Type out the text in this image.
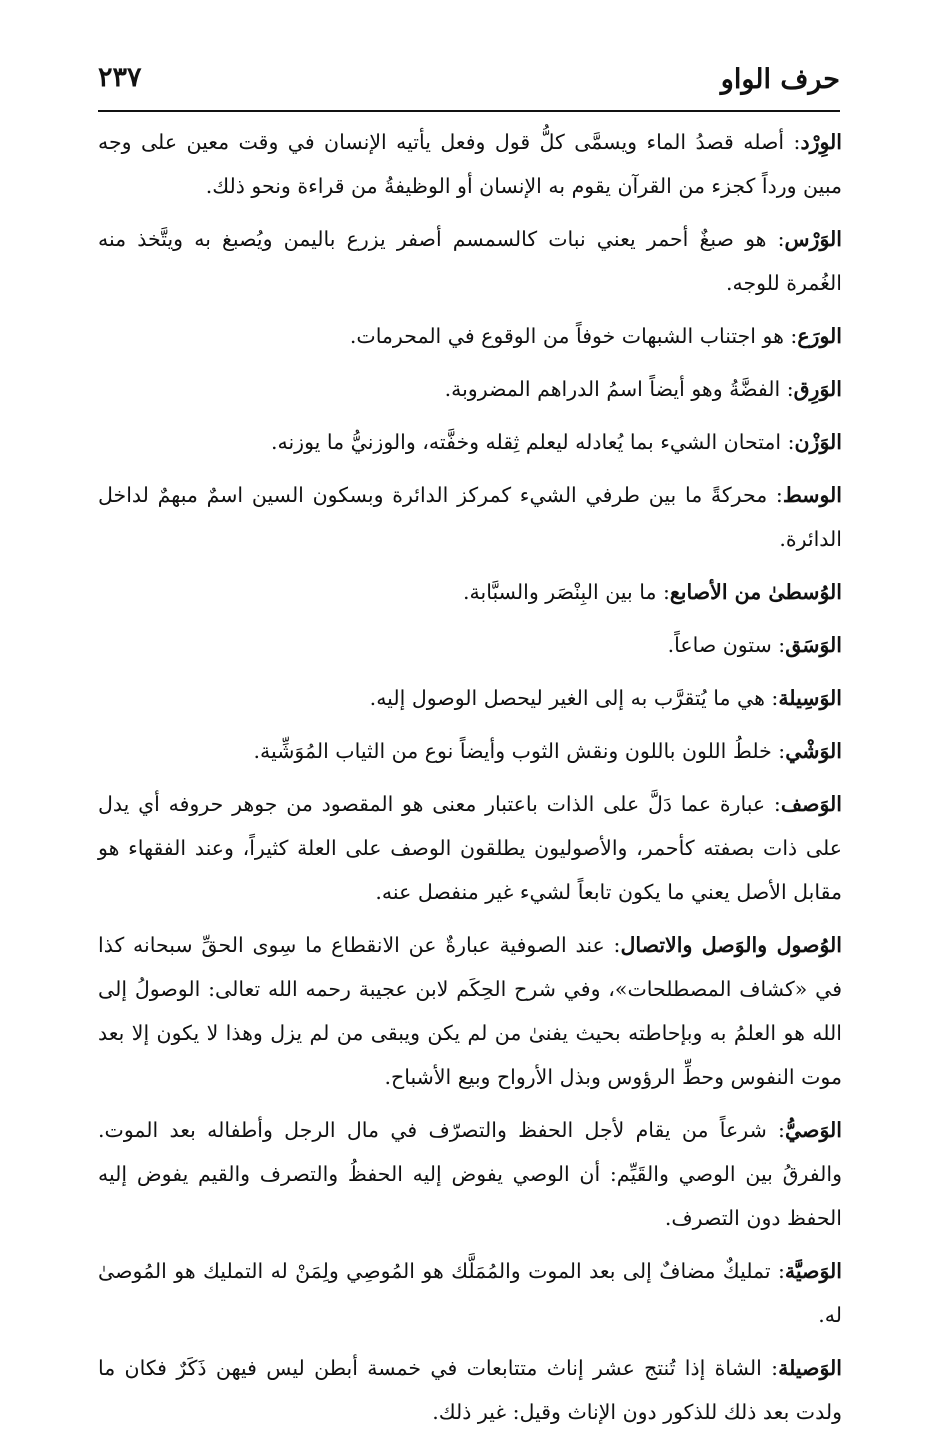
حرف الواو
٢٣٧

الوِرْد: أصله قصدُ الماء ويسمَّى كلُّ قول وفعل يأتيه الإنسان في وقت معين على وجه مبين ورداً كجزء من القرآن يقوم به الإنسان أو الوظيفةُ من قراءة ونحو ذلك.

الوَرْس: هو صبغٌ أحمر يعني نبات كالسمسم أصفر يزرع باليمن ويُصبغ به ويتَّخذ منه الغُمرة للوجه.

الورَع: هو اجتناب الشبهات خوفاً من الوقوع في المحرمات.

الوَرِق: الفضَّةُ وهو أيضاً اسمُ الدراهم المضروبة.

الوَزْن: امتحان الشيء بما يُعادله ليعلم ثِقله وخفَّته، والوزنيُّ ما يوزنه.

الوسط: محركةً ما بين طرفي الشيء كمركز الدائرة وبسكون السين اسمٌ مبهمٌ لداخل الدائرة.

الوُسطىٰ من الأصابع: ما بين البِنْصَر والسبَّابة.

الوَسَق: ستون صاعاً.

الوَسِيلة: هي ما يُتقرَّب به إلى الغير ليحصل الوصول إليه.

الوَشْي: خلطُ اللون باللون ونقش الثوب وأيضاً نوع من الثياب المُوَشِّية.

الوَصف: عبارة عما دَلَّ على الذات باعتبار معنى هو المقصود من جوهر حروفه أي يدل على ذات بصفته كأحمر، والأصوليون يطلقون الوصف على العلة كثيراً، وعند الفقهاء هو مقابل الأصل يعني ما يكون تابعاً لشيء غير منفصل عنه.

الوُصول والوَصل والاتصال: عند الصوفية عبارةٌ عن الانقطاع ما سِوى الحقِّ سبحانه كذا في «كشاف المصطلحات»، وفي شرح الحِكَم لابن عجيبة رحمه الله تعالى: الوصولُ إلى الله هو العلمُ به وبإحاطته بحيث يفنىٰ من لم يكن ويبقى من لم يزل وهذا لا يكون إلا بعد موت النفوس وحطِّ الرؤوس وبذل الأرواح وبيع الأشباح.

الوَصيُّ: شرعاً من يقام لأجل الحفظ والتصرّف في مال الرجل وأطفاله بعد الموت. والفرقُ بين الوصي والقَيِّم: أن الوصي يفوض إليه الحفظُ والتصرف والقيم يفوض إليه الحفظ دون التصرف.

الوَصيَّة: تمليكٌ مضافٌ إلى بعد الموت والمُمَلَّك هو المُوصِي ولِمَنْ له التمليك هو المُوصىٰ له.

الوَصيلة: الشاة إذا تُنتج عشر إناث متتابعات في خمسة أبطن ليس فيهن ذَكَرٌ فكان ما ولدت بعد ذلك للذكور دون الإناث وقيل: غير ذلك.
